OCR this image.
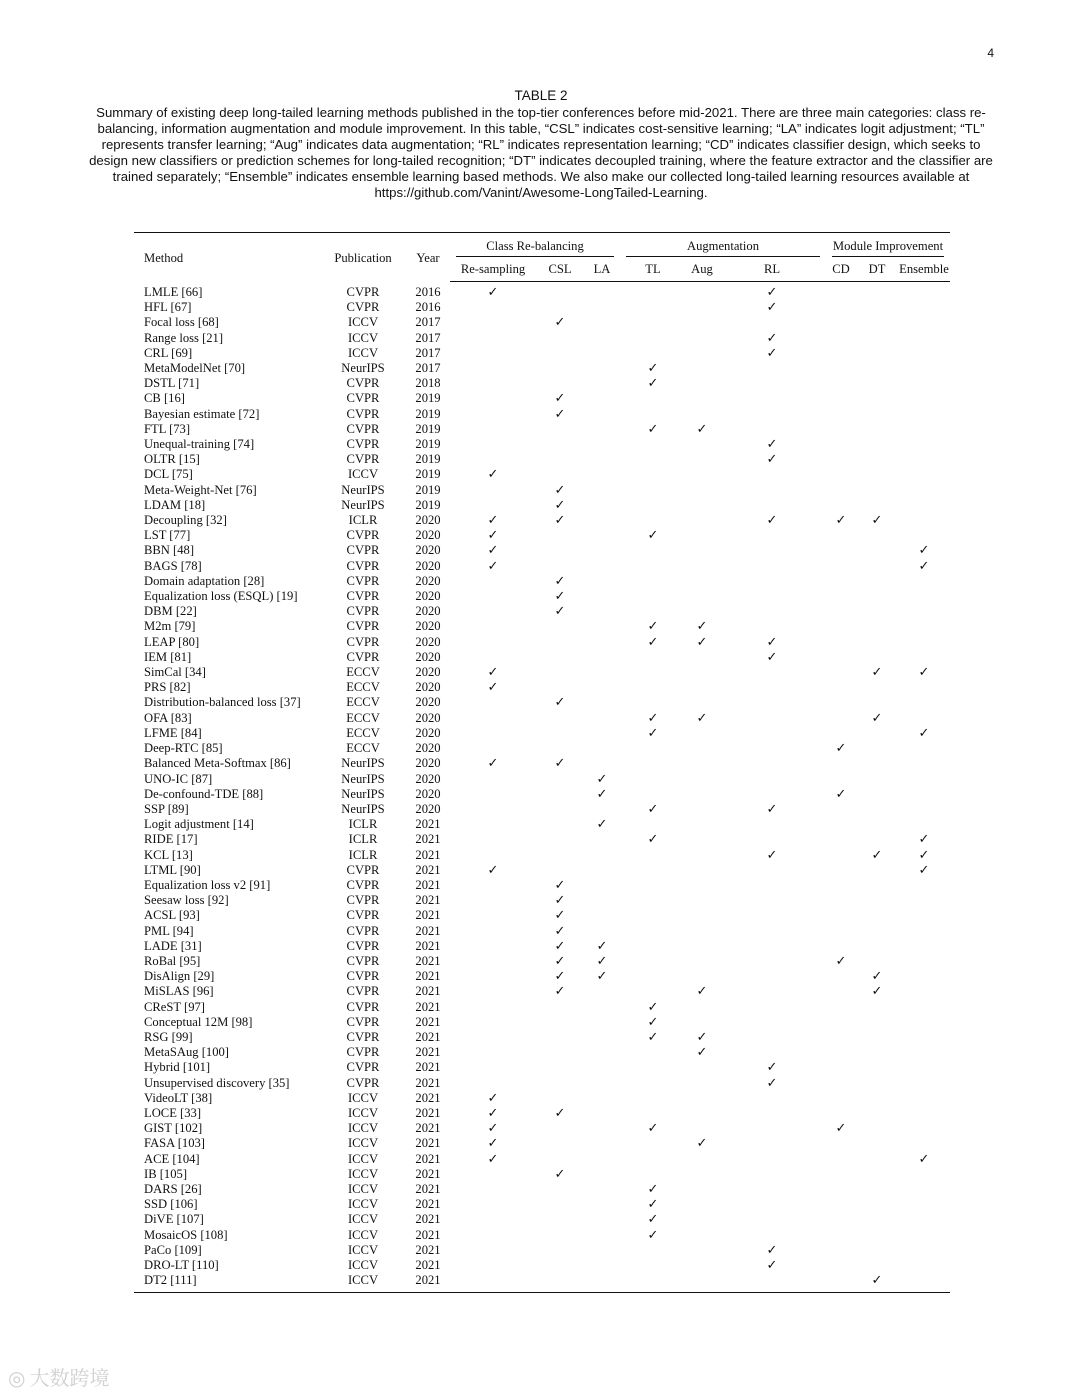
4
TABLE 2
Summary of existing deep long-tailed learning methods published in the top-tier conferences before mid-2021. There are three main categories: class re-balancing, information augmentation and module improvement. In this table, “CSL” indicates cost-sensitive learning; “LA” indicates logit adjustment; “TL” represents transfer learning; “Aug” indicates data augmentation; “RL” indicates representation learning; “CD” indicates classifier design, which seeks to design new classifiers or prediction schemes for long-tailed recognition; “DT” indicates decoupled training, where the feature extractor and the classifier are trained separately; “Ensemble” indicates ensemble learning based methods. We also make our collected long-tailed learning resources available at https://github.com/Vanint/Awesome-LongTailed-Learning.
Method	Publication	Year	Class Re-balancing			Augmentation			Module Improvement		

			Re-sampling	CSL	LA	TL	Aug	RL	CD	DT	Ensemble
LMLE [66]	CVPR	2016	✓					✓			
HFL [67]	CVPR	2016						✓			
Focal loss [68]	ICCV	2017		✓							
Range loss [21]	ICCV	2017						✓			
CRL [69]	ICCV	2017						✓			
MetaModelNet [70]	NeurIPS	2017				✓					
DSTL [71]	CVPR	2018				✓					
CB [16]	CVPR	2019		✓							
Bayesian estimate [72]	CVPR	2019		✓							
FTL [73]	CVPR	2019				✓	✓				
Unequal-training [74]	CVPR	2019						✓			
OLTR [15]	CVPR	2019						✓			
DCL [75]	ICCV	2019	✓								
Meta-Weight-Net [76]	NeurIPS	2019		✓							
LDAM [18]	NeurIPS	2019		✓							
Decoupling [32]	ICLR	2020	✓	✓				✓	✓	✓	
LST [77]	CVPR	2020	✓			✓					
BBN [48]	CVPR	2020	✓								✓
BAGS [78]	CVPR	2020	✓								✓
Domain adaptation [28]	CVPR	2020		✓							
Equalization loss (ESQL) [19]	CVPR	2020		✓							
DBM [22]	CVPR	2020		✓							
M2m [79]	CVPR	2020				✓	✓				
LEAP [80]	CVPR	2020				✓	✓	✓			
IEM [81]	CVPR	2020						✓			
SimCal [34]	ECCV	2020	✓							✓	✓
PRS [82]	ECCV	2020	✓								
Distribution-balanced loss [37]	ECCV	2020		✓							
OFA [83]	ECCV	2020				✓	✓			✓	
LFME [84]	ECCV	2020				✓					✓
Deep-RTC [85]	ECCV	2020							✓		
Balanced Meta-Softmax [86]	NeurIPS	2020	✓	✓							
UNO-IC [87]	NeurIPS	2020			✓						
De-confound-TDE [88]	NeurIPS	2020			✓				✓		
SSP [89]	NeurIPS	2020				✓		✓			
Logit adjustment [14]	ICLR	2021			✓						
RIDE [17]	ICLR	2021				✓					✓
KCL [13]	ICLR	2021						✓		✓	✓
LTML [90]	CVPR	2021	✓								✓
Equalization loss v2 [91]	CVPR	2021		✓							
Seesaw loss [92]	CVPR	2021		✓							
ACSL [93]	CVPR	2021		✓							
PML [94]	CVPR	2021		✓							
LADE [31]	CVPR	2021		✓	✓						
RoBal [95]	CVPR	2021		✓	✓				✓		
DisAlign [29]	CVPR	2021		✓	✓					✓	
MiSLAS [96]	CVPR	2021		✓			✓			✓	
CReST [97]	CVPR	2021				✓					
Conceptual 12M [98]	CVPR	2021				✓					
RSG [99]	CVPR	2021				✓	✓				
MetaSAug [100]	CVPR	2021					✓				
Hybrid [101]	CVPR	2021						✓			
Unsupervised discovery [35]	CVPR	2021						✓			
VideoLT [38]	ICCV	2021	✓								
LOCE [33]	ICCV	2021	✓	✓							
GIST [102]	ICCV	2021	✓			✓			✓		
FASA [103]	ICCV	2021	✓				✓				
ACE [104]	ICCV	2021	✓								✓
IB [105]	ICCV	2021		✓							
DARS [26]	ICCV	2021				✓					
SSD [106]	ICCV	2021				✓					
DiVE [107]	ICCV	2021				✓					
MosaicOS [108]	ICCV	2021				✓					
PaCo [109]	ICCV	2021						✓			
DRO-LT [110]	ICCV	2021						✓			
DT2 [111]	ICCV	2021								✓	
◎ 大数跨境
